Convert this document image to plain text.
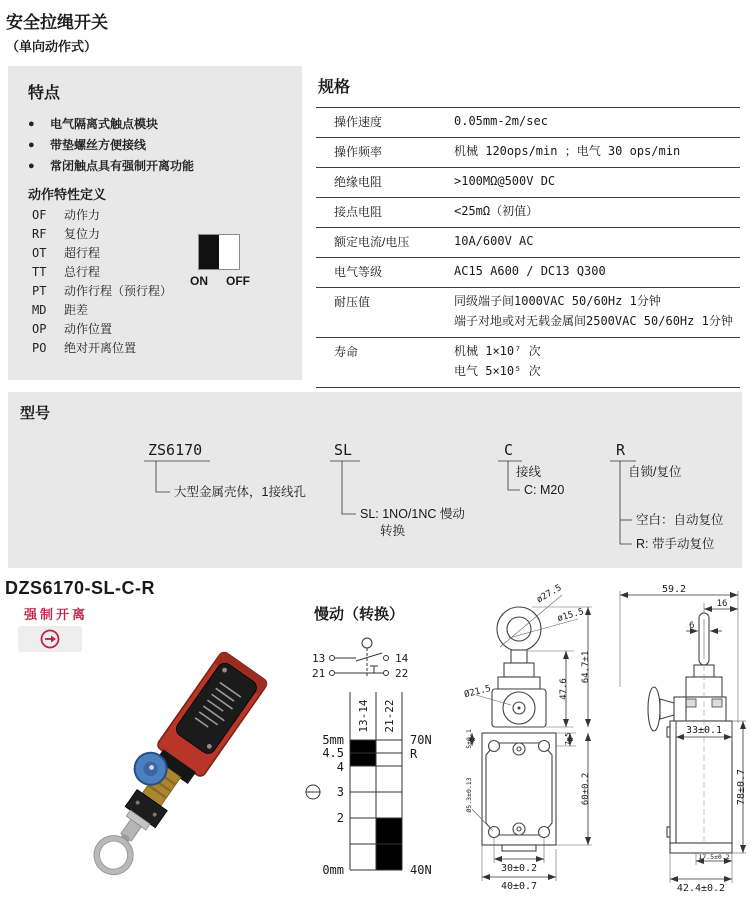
安全拉绳开关
（单向动作式）
特点
●	电气隔离式触点模块
●	带垫螺丝方便接线
●	常闭触点具有强制开离功能
动作特性定义
OF	动作力
RF	复位力
OT	超行程
TT	总行程
PT	动作行程（预行程）
MD	距差
OP	动作位置
PO	绝对开离位置
ON OFF
规格
操作速度	0.05mm-2m/sec
操作频率	机械 120ops/min ；电气 30 ops/min
绝缘电阻	>100MΩ@500V DC
接点电阻	<25mΩ（初值）
额定电流/电压	10A/600V AC
电气等级	AC15 A600 / DC13 Q300
耐压值	同级端子间1000VAC 50/60Hz 1分钟
端子对地或对无载金属间2500VAC 50/60Hz 1分钟
寿命	机械 1×10⁷ 次
电气 5×10⁵ 次
型号
ZS6170
大型金属壳体，1接线孔
SL
SL: 1NO/1NC 慢动
转换
C
接线
C: M20
R
自锁/复位
空白：自动复位
R: 带手动复位
DZS6170-SL-C-R
强制开离	慢动（转换）
13	14
21	22
13-14 21-22
5mm
4.5
4
3
2
0mm
70N
R
40N
ø27.5
ø15.5
Ø21.5	47.6
64.7±1
7.5
60±0.2
5±0.1
Ø5.3±0.13
30±0.2
40±0.7
59.2
16
6
33±0.1
78±0.7
17.5±0.2
42.4±0.2
